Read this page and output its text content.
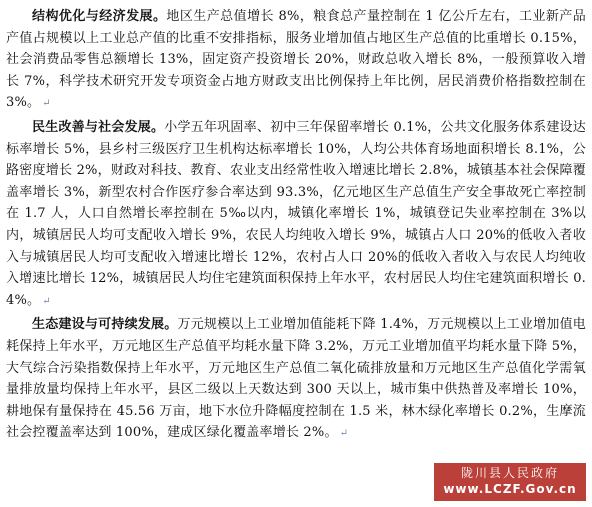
结构优化与经济发展。地区生产总值增长 8%，粮食总产量控制在 1 亿公斤左右，工业新产品产值占规模以上工业总产值的比重不安排指标，服务业增加值占地区生产总值的比重增长 0.15%，社会消费品零售总额增长 13%，固定资产投资增长 20%，财政总收入增长 8%，一般预算收入增长 7%，科学技术研究开发专项资金占地方财政支出比例保持上年比例，居民消费价格指数控制在 3%。 ↵

民生改善与社会发展。小学五年巩固率、初中三年保留率增长 0.1%，公共文化服务体系建设达标率增长 5%，县乡村三级医疗卫生机构达标率增长 10%，人均公共体育场地面积增长 8.1%，公路密度增长 2%，财政对科技、教育、农业支出经常性收入增速比增长 2.8%，城镇基本社会保障覆盖率增长 3%，新型农村合作医疗参合率达到 93.3%，亿元地区生产总值生产安全事故死亡率控制在 1.7 人，人口自然增长率控制在 5‰以内，城镇化率增长 1%，城镇登记失业率控制在 3%以内，城镇居民人均可支配收入增长 9%，农民人均纯收入增长 9%，城镇占人口 20%的低收入者收入与城镇居民人均可支配收入增速比增长 12%，农村占人口 20%的低收入者收入与农民人均纯收入增速比增长 12%，城镇居民人均住宅建筑面积保持上年水平，农村居民人均住宅建筑面积增长 0.4%。 ↵

生态建设与可持续发展。万元规模以上工业增加值能耗下降 1.4%，万元规模以上工业增加值电耗保持上年水平，万元地区生产总值平均耗水量下降 3.2%，万元工业增加值平均耗水量下降 5%，大气综合污染指数保持上年水平，万元地区生产总值二氧化硫排放量和万元地区生产总值化学需氧量排放量均保持上年水平，县区二级以上天数达到 300 天以上，城市集中供热普及率增长 10%，耕地保有量保持在 45.56 万亩，地下水位升降幅度控制在 1.5 米，林木绿化率增长 0.2%，生摩流社会控覆盖率达到 100%，建成区绿化覆盖率增长 2%。 ↵

陇川县人民政府
www.LCZF.Gov.cn
